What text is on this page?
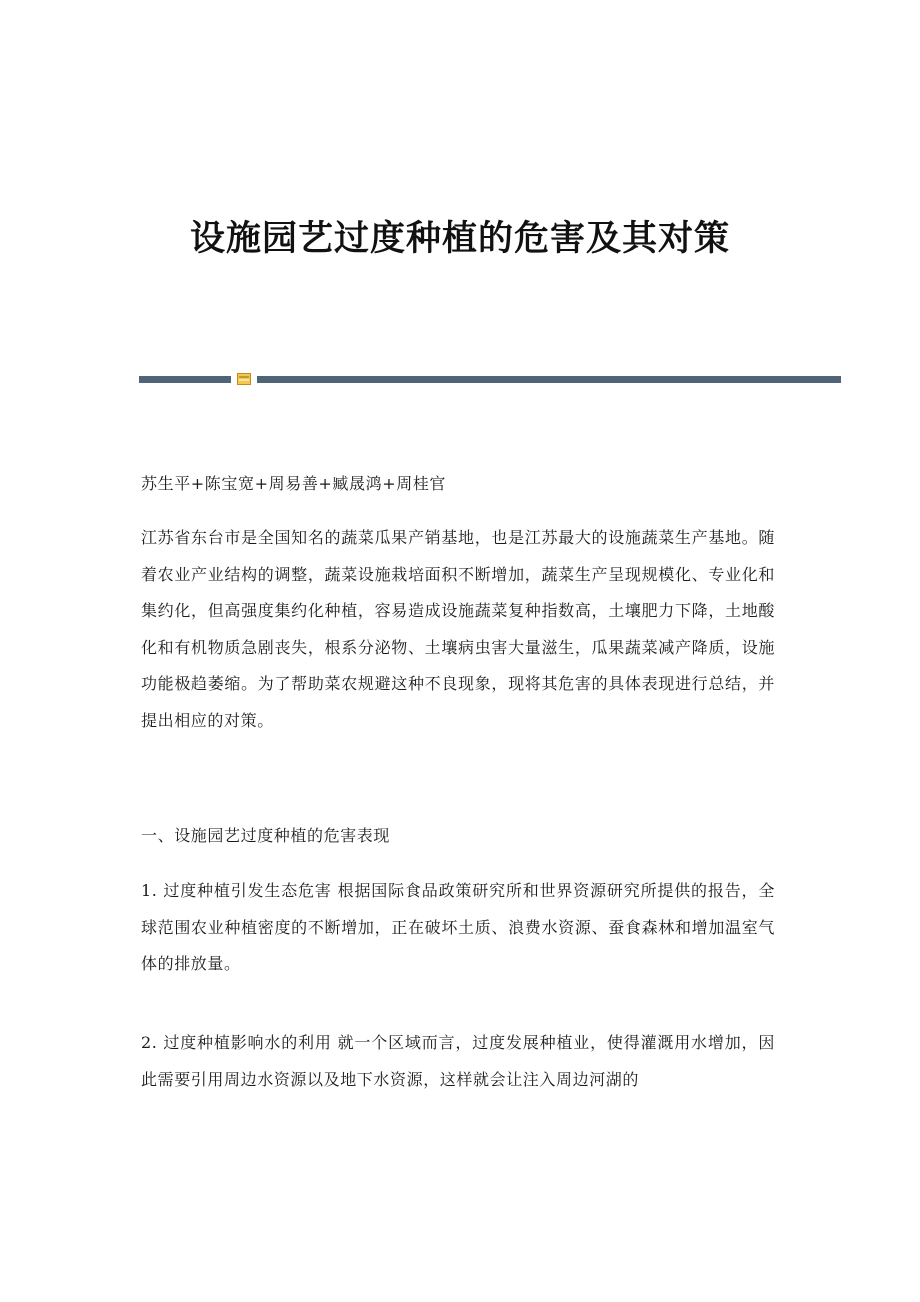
设施园艺过度种植的危害及其对策

苏生平+陈宝宽+周易善+臧晟鸿+周桂官

江苏省东台市是全国知名的蔬菜瓜果产销基地，也是江苏最大的设施蔬菜生产基地。随着农业产业结构的调整，蔬菜设施栽培面积不断增加，蔬菜生产呈现规模化、专业化和集约化，但高强度集约化种植，容易造成设施蔬菜复种指数高，土壤肥力下降，土地酸化和有机物质急剧丧失，根系分泌物、土壤病虫害大量滋生，瓜果蔬菜减产降质，设施功能极趋萎缩。为了帮助菜农规避这种不良现象，现将其危害的具体表现进行总结，并提出相应的对策。

一、设施园艺过度种植的危害表现

1. 过度种植引发生态危害 根据国际食品政策研究所和世界资源研究所提供的报告，全球范围农业种植密度的不断增加，正在破坏土质、浪费水资源、蚕食森林和增加温室气体的排放量。

2. 过度种植影响水的利用 就一个区域而言，过度发展种植业，使得灌溉用水增加，因此需要引用周边水资源以及地下水资源，这样就会让注入周边河湖的
